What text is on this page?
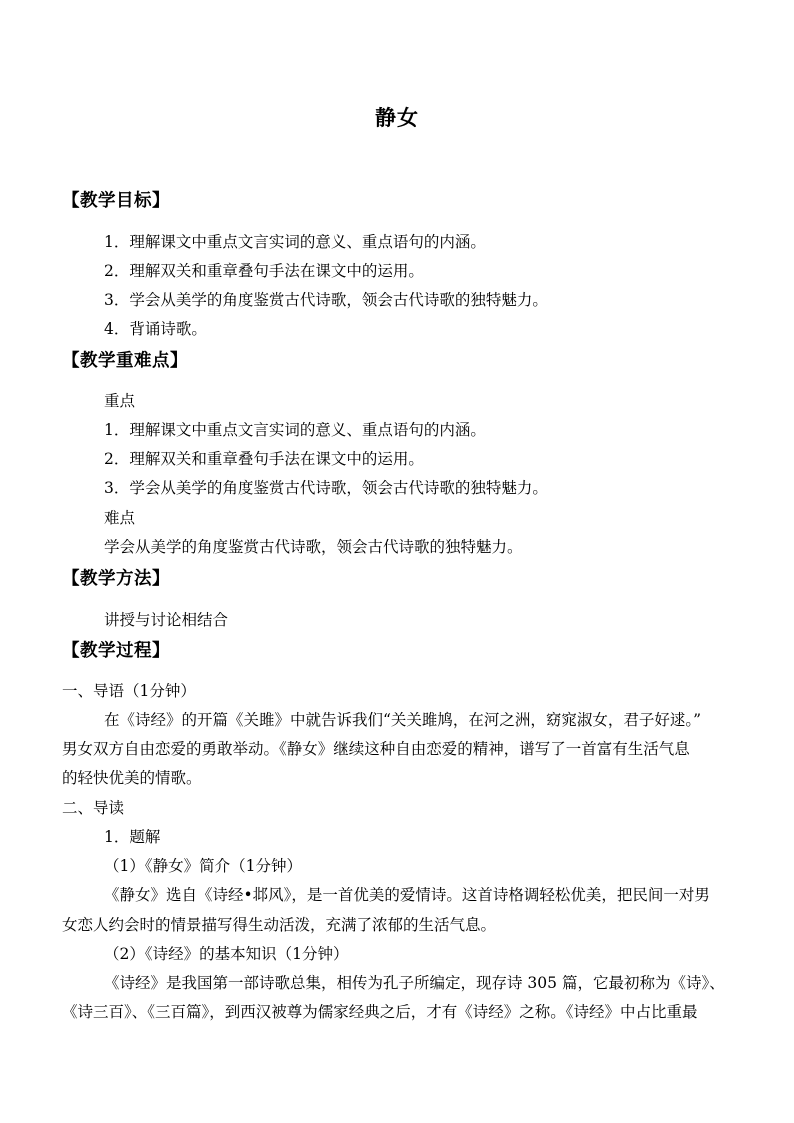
静女
【教学目标】
1．理解课文中重点文言实词的意义、重点语句的内涵。
2．理解双关和重章叠句手法在课文中的运用。
3．学会从美学的角度鉴赏古代诗歌，领会古代诗歌的独特魅力。
4．背诵诗歌。
【教学重难点】
重点
1．理解课文中重点文言实词的意义、重点语句的内涵。
2．理解双关和重章叠句手法在课文中的运用。
3．学会从美学的角度鉴赏古代诗歌，领会古代诗歌的独特魅力。
难点
学会从美学的角度鉴赏古代诗歌，领会古代诗歌的独特魅力。
【教学方法】
讲授与讨论相结合
【教学过程】
一、导语（1分钟）
在《诗经》的开篇《关雎》中就告诉我们“关关雎鸠，在河之洲，窈窕淑女，君子好逑。”
男女双方自由恋爱的勇敢举动。《静女》继续这种自由恋爱的精神，谱写了一首富有生活气息
的轻快优美的情歌。
二、导读
1．题解
（1）《静女》简介（1分钟）
《静女》选自《诗经•邶风》，是一首优美的爱情诗。这首诗格调轻松优美，把民间一对男
女恋人约会时的情景描写得生动活泼，充满了浓郁的生活气息。
（2）《诗经》的基本知识（1分钟）
《诗经》是我国第一部诗歌总集，相传为孔子所编定，现存诗 305 篇，它最初称为《诗》、
《诗三百》、《三百篇》，到西汉被尊为儒家经典之后，才有《诗经》之称。《诗经》中占比重最
